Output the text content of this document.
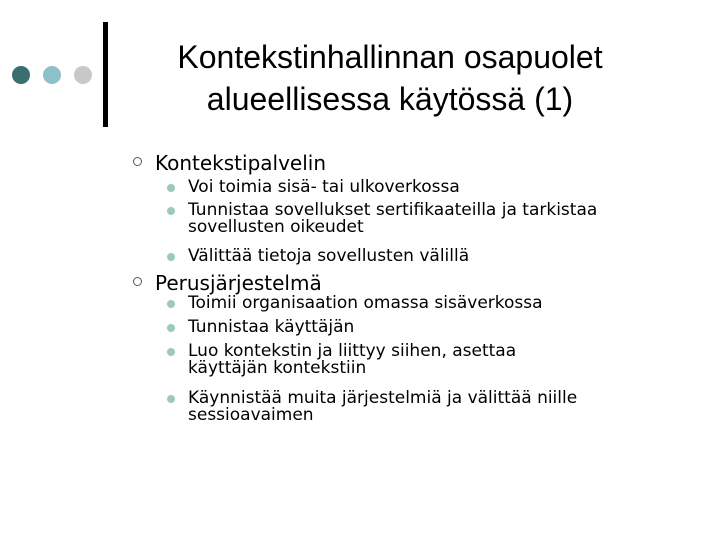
Kontekstinhallinnan osapuolet
alueellisessa käytössä (1)
Kontekstipalvelin
Voi toimia sisä- tai ulkoverkossa
Tunnistaa sovellukset sertifikaateilla ja tarkistaa sovellusten oikeudet
Välittää tietoja sovellusten välillä
Perusjärjestelmä
Toimii organisaation omassa sisäverkossa
Tunnistaa käyttäjän
Luo kontekstin ja liittyy siihen, asettaa käyttäjän kontekstiin
Käynnistää muita järjestelmiä ja välittää niille sessioavaimen
